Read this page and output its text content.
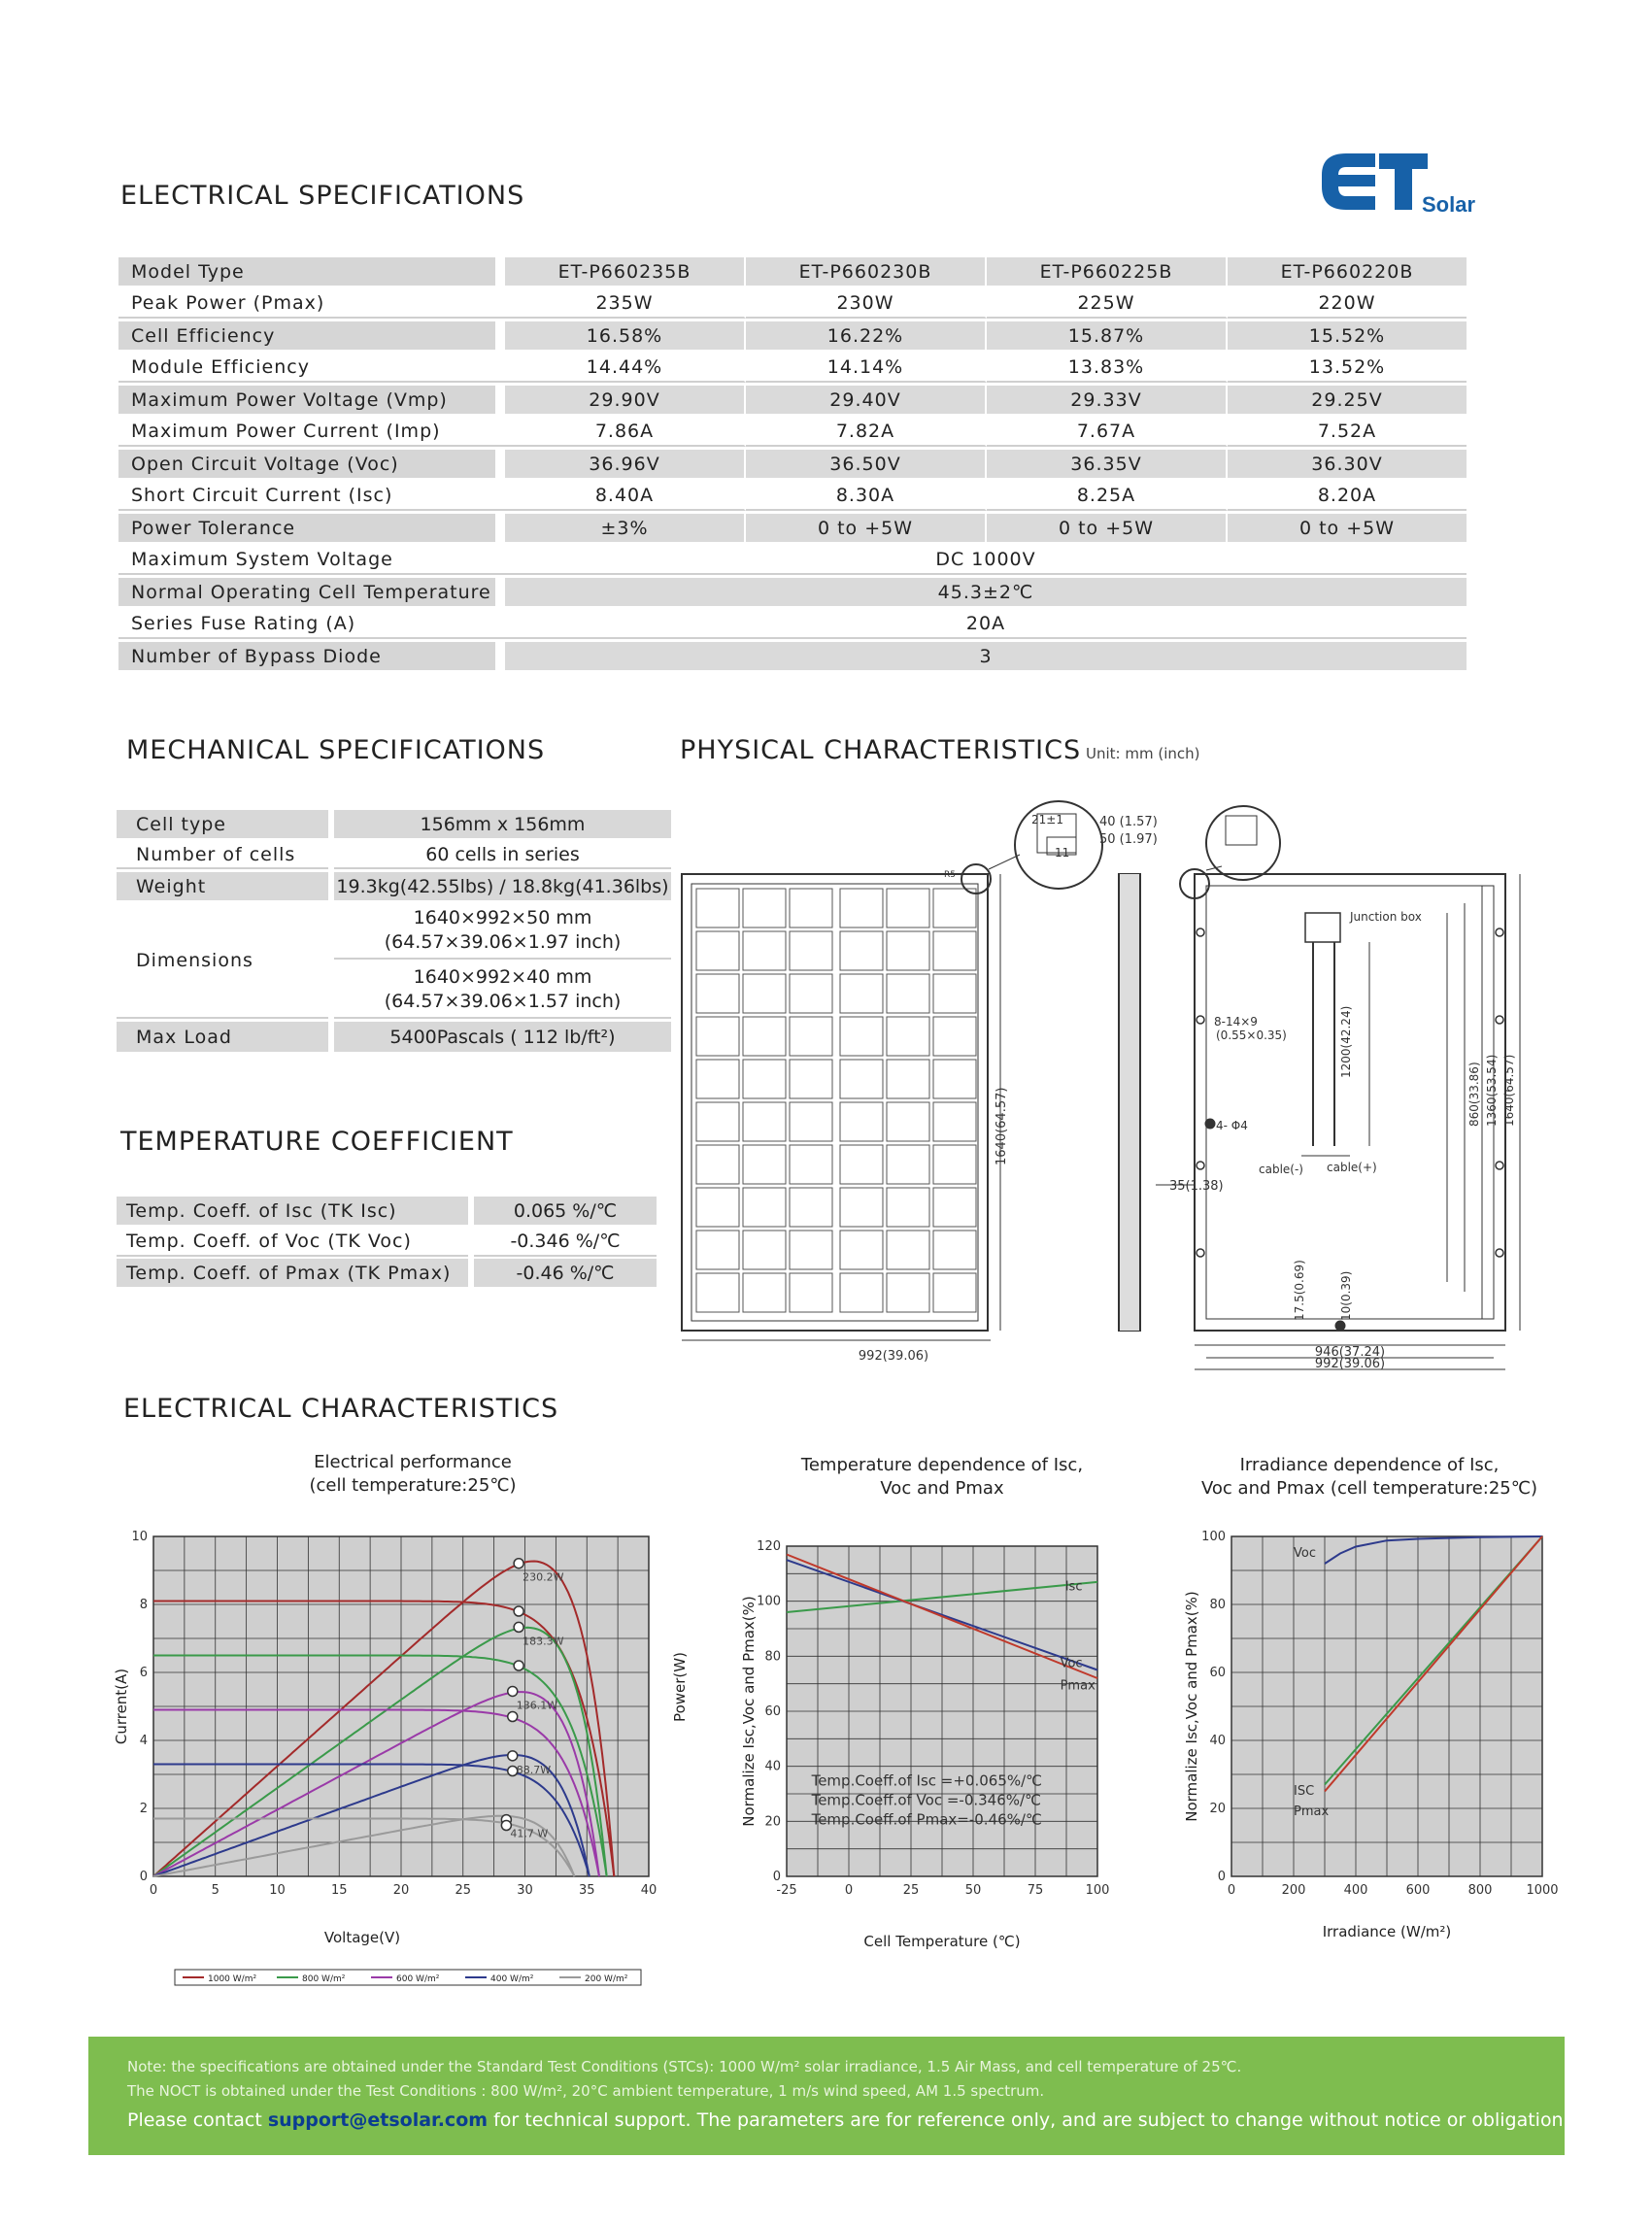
Solar
ELECTRICAL SPECIFICATIONS
Model Type		ET-P660235B	ET-P660230B	ET-P660225B	ET-P660220B
Peak Power (Pmax)		235W	230W	225W	220W
Cell Efficiency		16.58%	16.22%	15.87%	15.52%
Module Efficiency		14.44%	14.14%	13.83%	13.52%
Maximum Power Voltage (Vmp)		29.90V	29.40V	29.33V	29.25V
Maximum Power Current (Imp)		7.86A	7.82A	7.67A	7.52A
Open Circuit Voltage (Voc)		36.96V	36.50V	36.35V	36.30V
Short Circuit Current (Isc)		8.40A	8.30A	8.25A	8.20A
Power Tolerance		±3%	0 to +5W	0 to +5W	0 to +5W
Maximum System Voltage		DC 1000V			
Normal Operating Cell Temperature		45.3±2℃			
Series Fuse Rating (A)		20A			
Number of Bypass Diode		3			
MECHANICAL SPECIFICATIONS
Cell type		156mm x 156mm
Number of cells		60 cells in series
Weight		19.3kg(42.55lbs) / 18.8kg(41.36lbs)
Dimensions		1640×992×50 mm
(64.57×39.06×1.97 inch)

		1640×992×40 mm
(64.57×39.06×1.57 inch)

Max Load		5400Pascals ( 112 lb/ft²)
TEMPERATURE COEFFICIENT
Temp. Coeff. of Isc (TK Isc)		0.065 %/℃
Temp. Coeff. of Voc (TK Voc)		-0.346 %/℃
Temp. Coeff. of Pmax (TK Pmax)		-0.46 %/℃
PHYSICAL CHARACTERISTICS Unit: mm (inch)
R5
21±1
11
992(39.06)
1640(64.57)
40 (1.57)
50 (1.97)
Junction box
8-14×9
(0.55×0.35)	1200(42.24)
4- Φ4
cable(-) cable(+)
35(1.38)
860(33.86) 1360(53.54) 1640(64.57)
17.5(0.69)	10(0.39)
946(37.24)
992(39.06)
ELECTRICAL CHARACTERISTICS
Electrical performance
(cell temperature:25℃)
Temperature dependence of Isc,
Voc and Pmax
Irradiance dependence of Isc,
Voc and Pmax (cell temperature:25℃)
0	5	10	15	20	25	30	35	40
0
2
4
6
8
10
Current(A)	Power(W)
Voltage(V)
230.2W
183.3W
136.1W
88.7W
41.7 W
1000 W/m²	800 W/m²	600 W/m²	400 W/m²	200 W/m²
-25	0	25	50	75	100
0
20
40
60
80
100
120
Normalize Isc,Voc and Pmax(%)
Cell Temperature (℃)
Isc
Voc
Pmax
Temp.Coeff.of Isc =+0.065%/℃
Temp.Coeff.of Voc =-0.346%/℃
Temp.Coeff.of Pmax=-0.46%/℃
0	200	400	600	800	1000
0
20
40
60
80
100
Normalize Isc,Voc and Pmax(%)
Irradiance (W/m²)
Voc
ISC
Pmax
Note: the specifications are obtained under the Standard Test Conditions (STCs): 1000 W/m² solar irradiance, 1.5 Air Mass, and cell temperature of 25℃.
The NOCT is obtained under the Test Conditions : 800 W/m², 20°C ambient temperature, 1 m/s wind speed, AM 1.5 spectrum.
Please contact support@etsolar.com for technical support. The parameters are for reference only, and are subject to change without notice or obligation.
